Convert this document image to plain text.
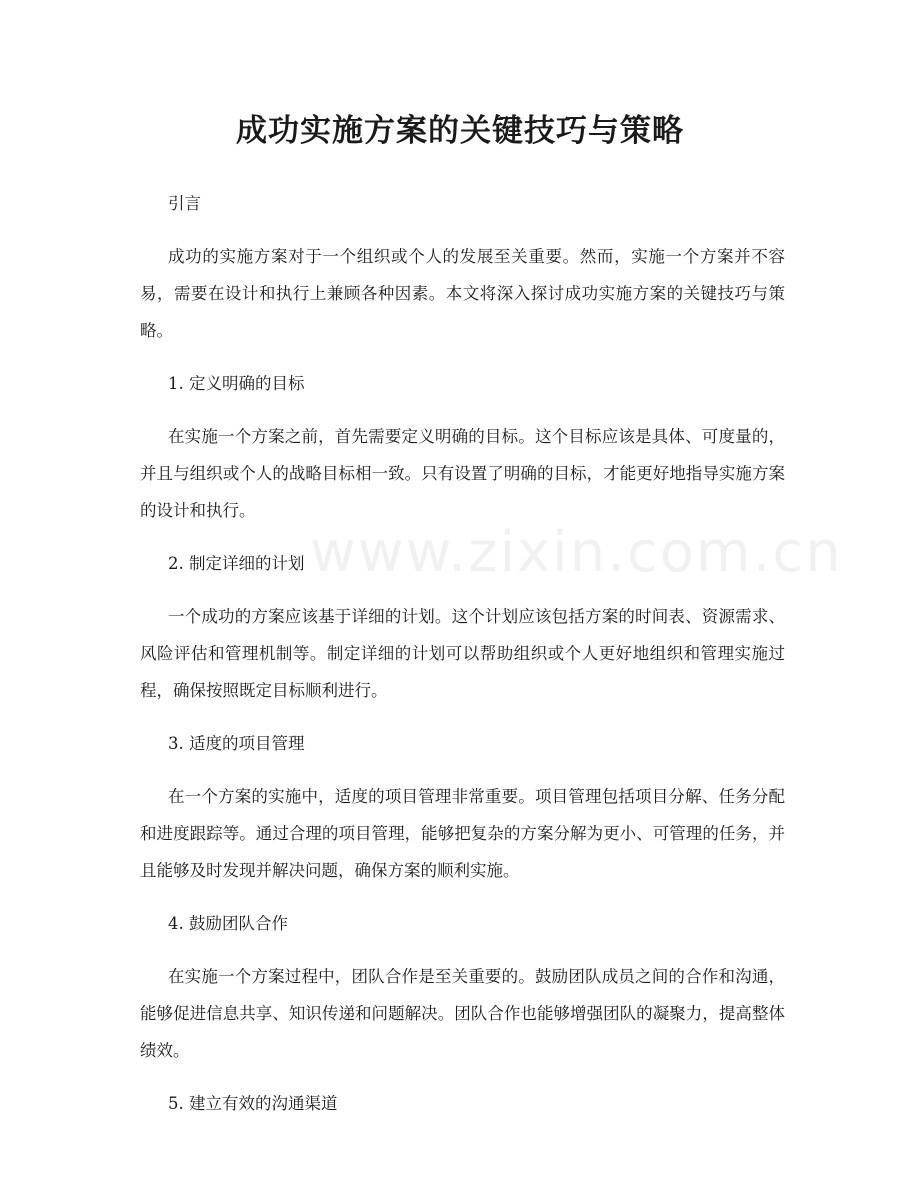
www.zixin.com.cn
成功实施方案的关键技巧与策略

引言

成功的实施方案对于一个组织或个人的发展至关重要。然而，实施一个方案并不容易，需要在设计和执行上兼顾各种因素。本文将深入探讨成功实施方案的关键技巧与策略。

1. 定义明确的目标

在实施一个方案之前，首先需要定义明确的目标。这个目标应该是具体、可度量的，并且与组织或个人的战略目标相一致。只有设置了明确的目标，才能更好地指导实施方案的设计和执行。

2. 制定详细的计划

一个成功的方案应该基于详细的计划。这个计划应该包括方案的时间表、资源需求、风险评估和管理机制等。制定详细的计划可以帮助组织或个人更好地组织和管理实施过程，确保按照既定目标顺利进行。

3. 适度的项目管理

在一个方案的实施中，适度的项目管理非常重要。项目管理包括项目分解、任务分配和进度跟踪等。通过合理的项目管理，能够把复杂的方案分解为更小、可管理的任务，并且能够及时发现并解决问题，确保方案的顺利实施。

4. 鼓励团队合作

在实施一个方案过程中，团队合作是至关重要的。鼓励团队成员之间的合作和沟通，能够促进信息共享、知识传递和问题解决。团队合作也能够增强团队的凝聚力，提高整体绩效。

5. 建立有效的沟通渠道
